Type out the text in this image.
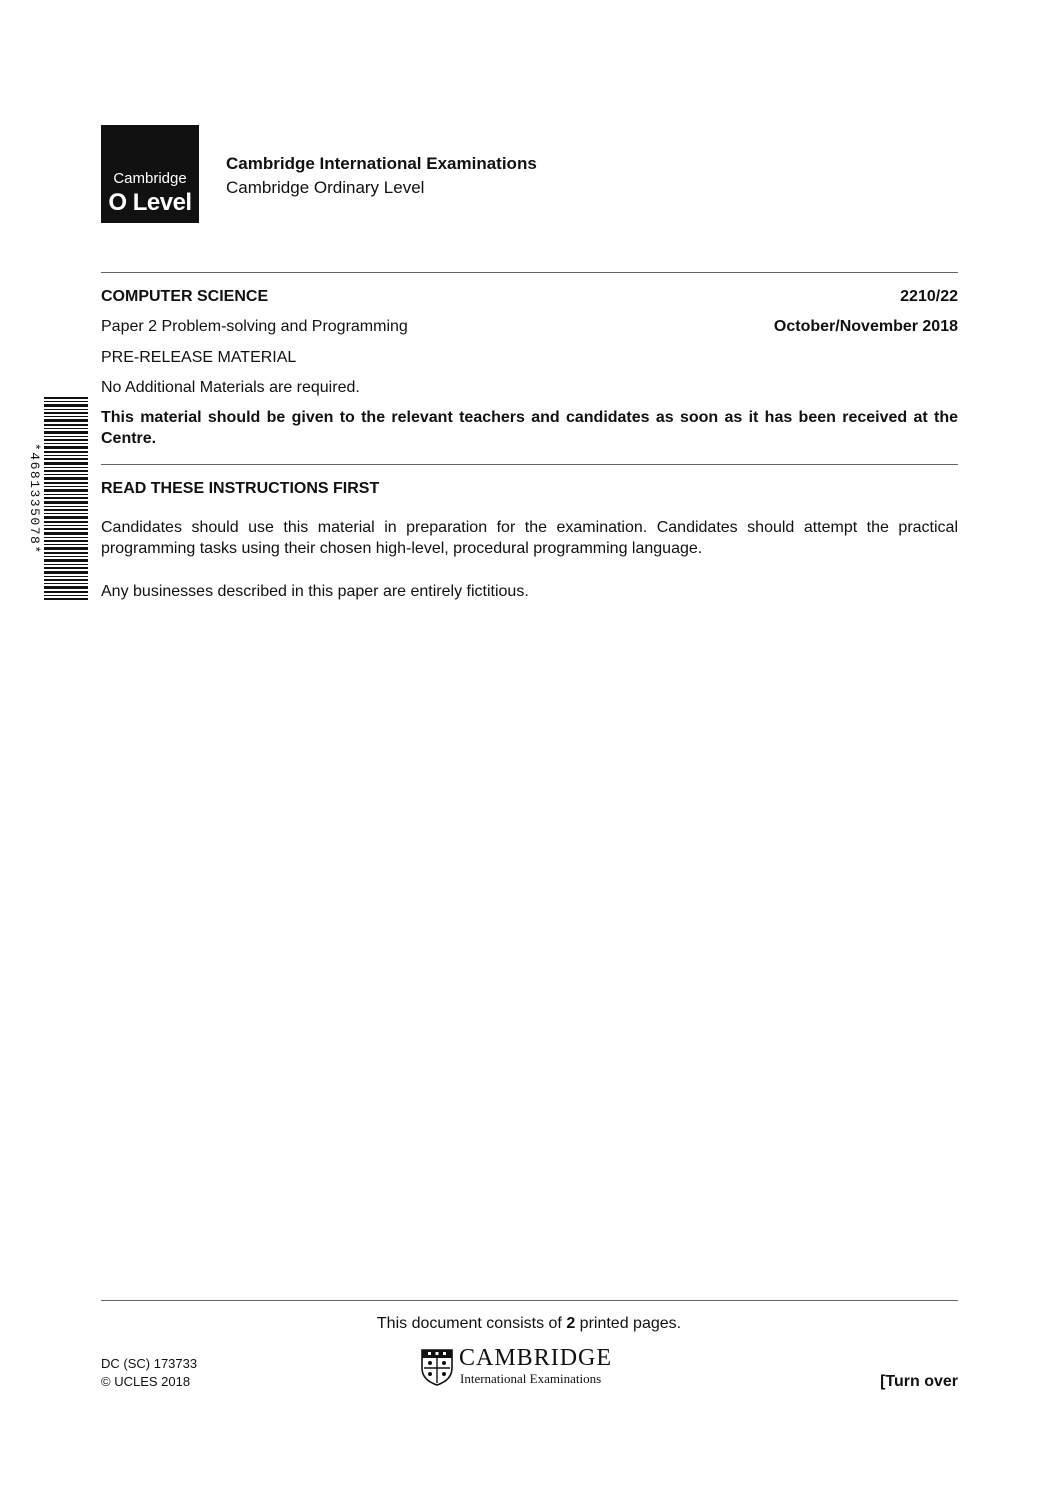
Cambridge
O Level
Cambridge International Examinations
Cambridge Ordinary Level
COMPUTER SCIENCE	2210/22
Paper 2 Problem-solving and Programming	October/November 2018
PRE-RELEASE MATERIAL
No Additional Materials are required.
This material should be given to the relevant teachers and candidates as soon as it has been received at the Centre.
READ THESE INSTRUCTIONS FIRST
Candidates should use this material in preparation for the examination. Candidates should attempt the practical programming tasks using their chosen high-level, procedural programming language.
Any businesses described in this paper are entirely fictitious.
*4681335078*
This document consists of 2 printed pages.
DC (SC) 173733
© UCLES 2018
CAMBRIDGE
International Examinations	[Turn over
